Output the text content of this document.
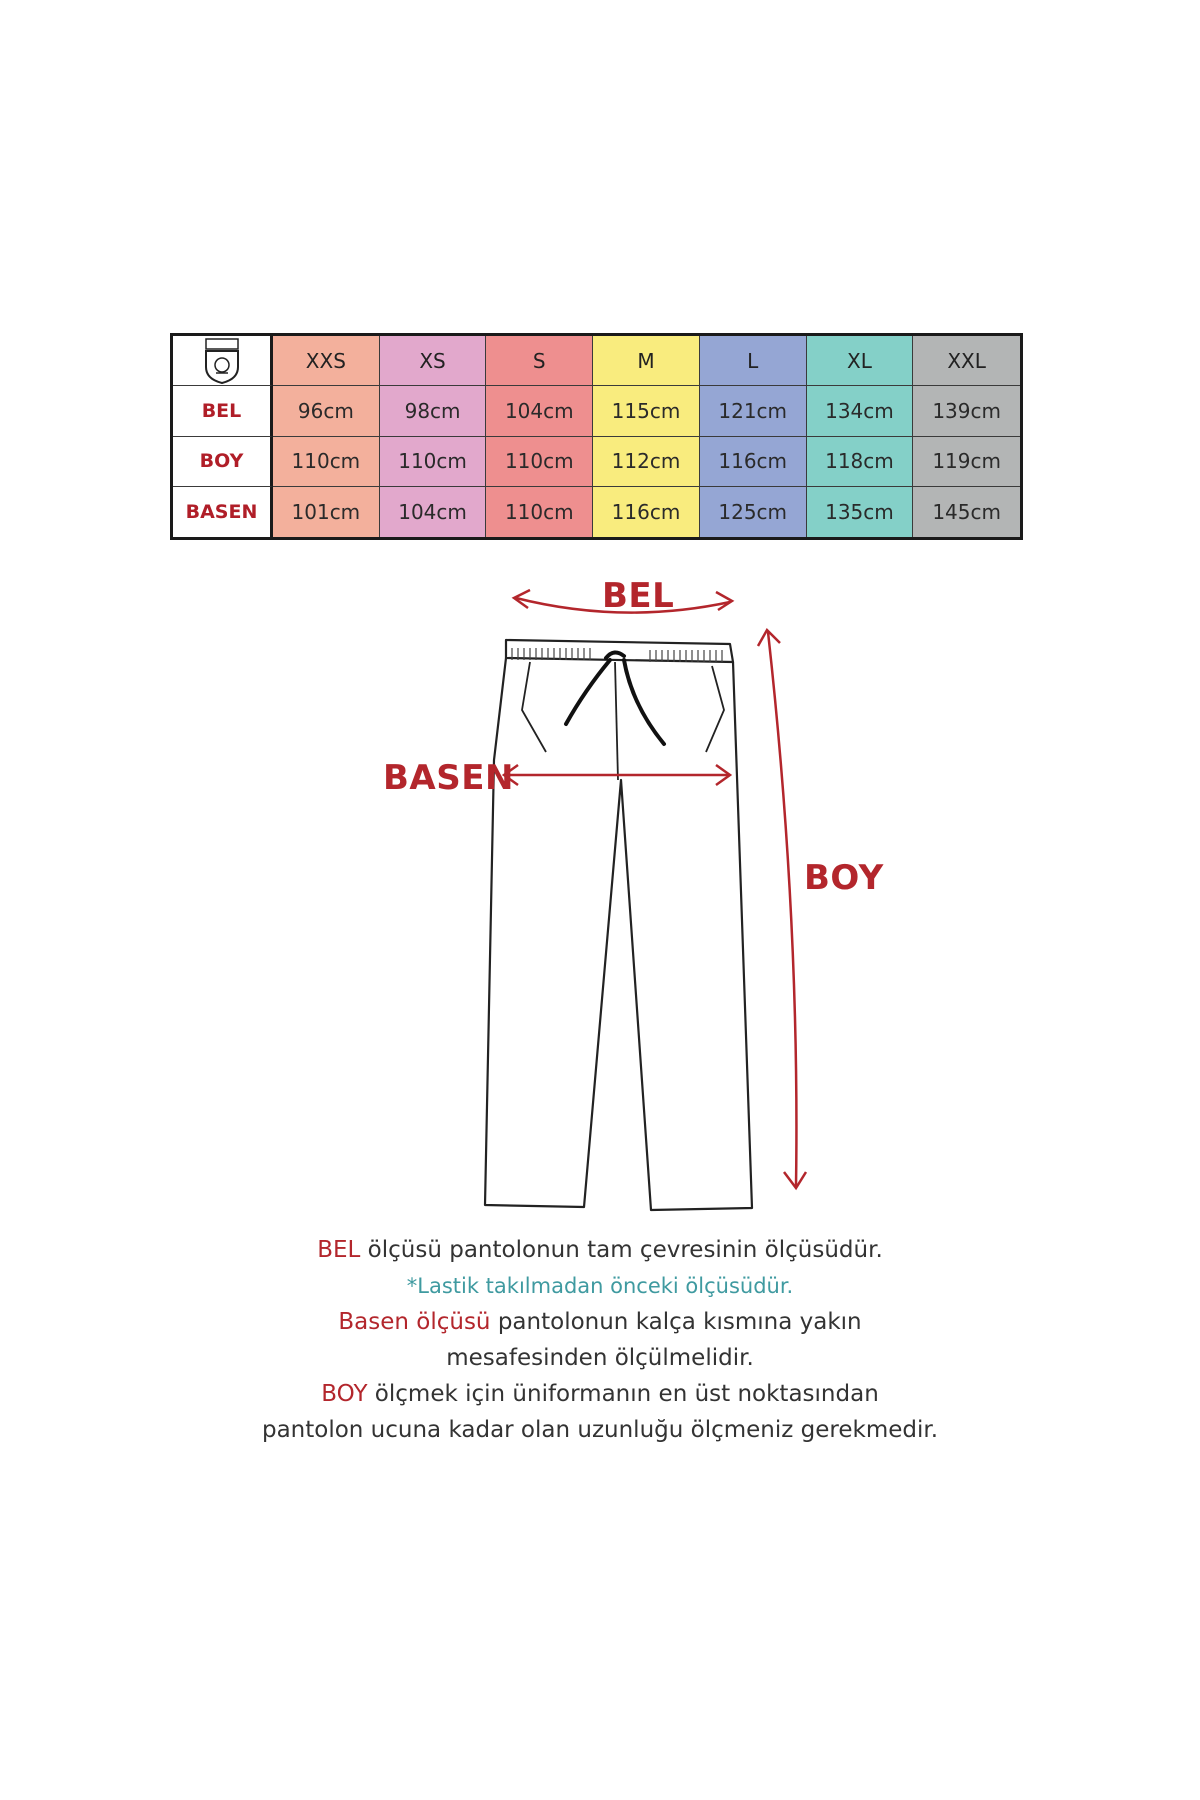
XXS	XS	S	M	L	XL	XXL
BEL	96cm	98cm	104cm	115cm	121cm	134cm	139cm
BOY	110cm	110cm	110cm	112cm	116cm	118cm	119cm
BASEN	101cm	104cm	110cm	116cm	125cm	135cm	145cm
BEL
BASEN
BOY
BEL ölçüsü pantolonun tam çevresinin ölçüsüdür.
*Lastik takılmadan önceki ölçüsüdür.
Basen ölçüsü pantolonun kalça kısmına yakın
mesafesinden ölçülmelidir.
BOY ölçmek için üniformanın en üst noktasından
pantolon ucuna kadar olan uzunluğu ölçmeniz gerekmedir.
